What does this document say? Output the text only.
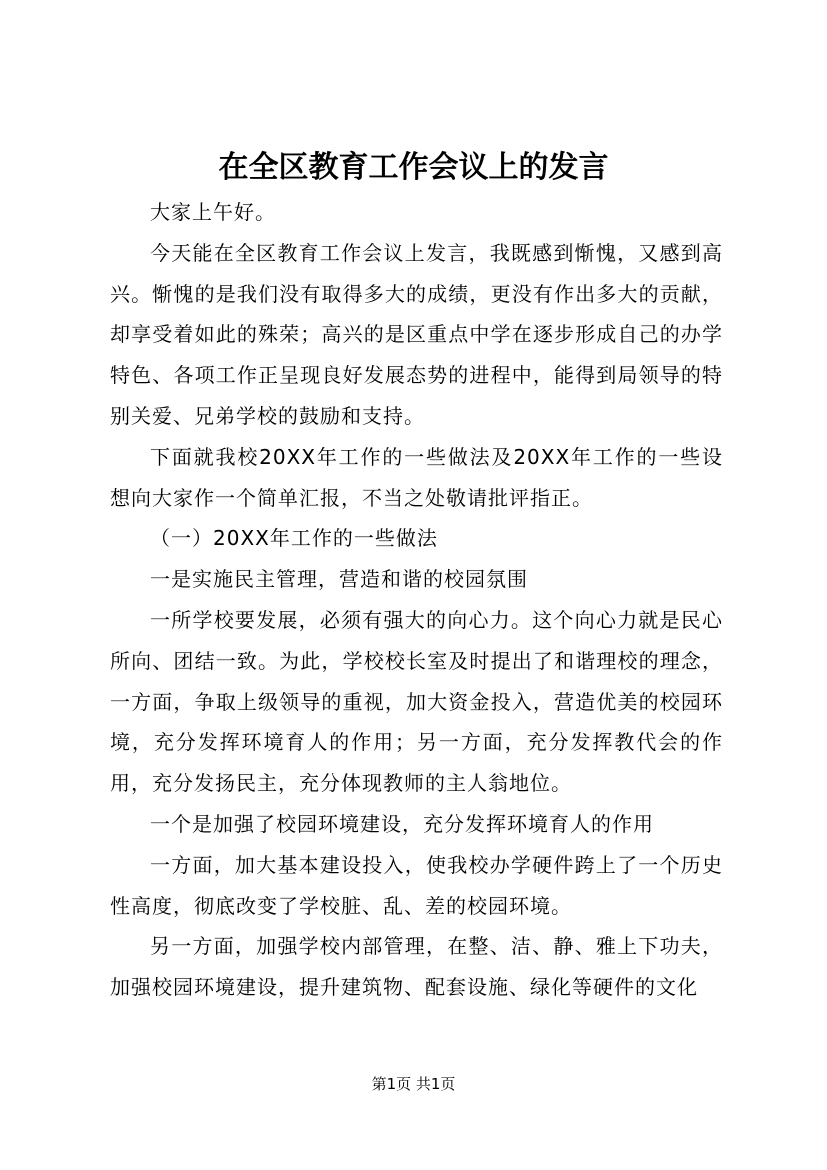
在全区教育工作会议上的发言

大家上午好。

今天能在全区教育工作会议上发言，我既感到惭愧，又感到高兴。惭愧的是我们没有取得多大的成绩，更没有作出多大的贡献，却享受着如此的殊荣；高兴的是区重点中学在逐步形成自己的办学特色、各项工作正呈现良好发展态势的进程中，能得到局领导的特别关爱、兄弟学校的鼓励和支持。

下面就我校20XX年工作的一些做法及20XX年工作的一些设想向大家作一个简单汇报，不当之处敬请批评指正。

（一）20XX年工作的一些做法

一是实施民主管理，营造和谐的校园氛围

一所学校要发展，必须有强大的向心力。这个向心力就是民心所向、团结一致。为此，学校校长室及时提出了和谐理校的理念，一方面，争取上级领导的重视，加大资金投入，营造优美的校园环境，充分发挥环境育人的作用；另一方面，充分发挥教代会的作用，充分发扬民主，充分体现教师的主人翁地位。

一个是加强了校园环境建设，充分发挥环境育人的作用

一方面，加大基本建设投入，使我校办学硬件跨上了一个历史性高度，彻底改变了学校脏、乱、差的校园环境。

另一方面，加强学校内部管理，在整、洁、静、雅上下功夫，加强校园环境建设，提升建筑物、配套设施、绿化等硬件的文化

第1页 共1页
